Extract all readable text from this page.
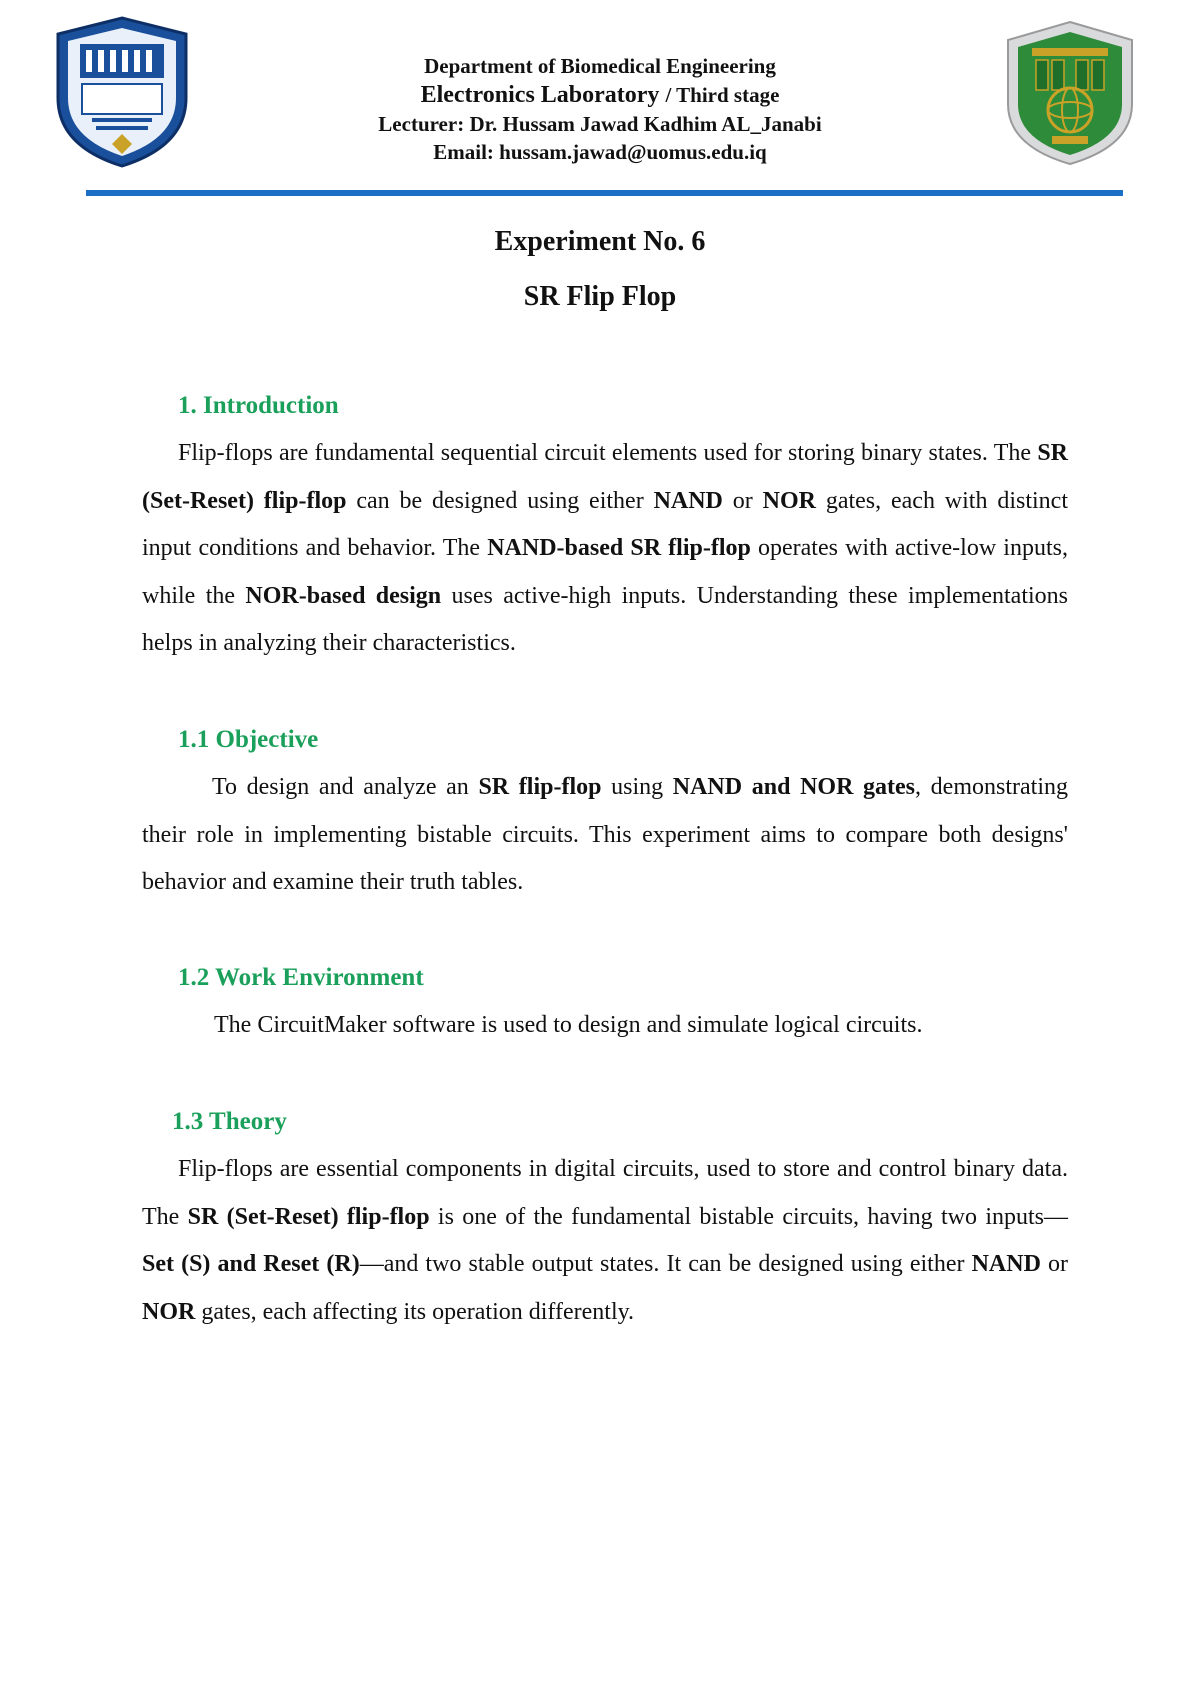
Department of Biomedical Engineering
Electronics Laboratory / Third stage
Lecturer: Dr. Hussam Jawad Kadhim AL_Janabi
Email: hussam.jawad@uomus.edu.iq
Experiment No. 6
SR Flip Flop
1. Introduction
Flip-flops are fundamental sequential circuit elements used for storing binary states. The SR (Set-Reset) flip-flop can be designed using either NAND or NOR gates, each with distinct input conditions and behavior. The NAND-based SR flip-flop operates with active-low inputs, while the NOR-based design uses active-high inputs. Understanding these implementations helps in analyzing their characteristics.
1.1 Objective
To design and analyze an SR flip-flop using NAND and NOR gates, demonstrating their role in implementing bistable circuits. This experiment aims to compare both designs' behavior and examine their truth tables.
1.2 Work Environment
The CircuitMaker software is used to design and simulate logical circuits.
1.3 Theory
Flip-flops are essential components in digital circuits, used to store and control binary data. The SR (Set-Reset) flip-flop is one of the fundamental bistable circuits, having two inputs—Set (S) and Reset (R)—and two stable output states. It can be designed using either NAND or NOR gates, each affecting its operation differently.
